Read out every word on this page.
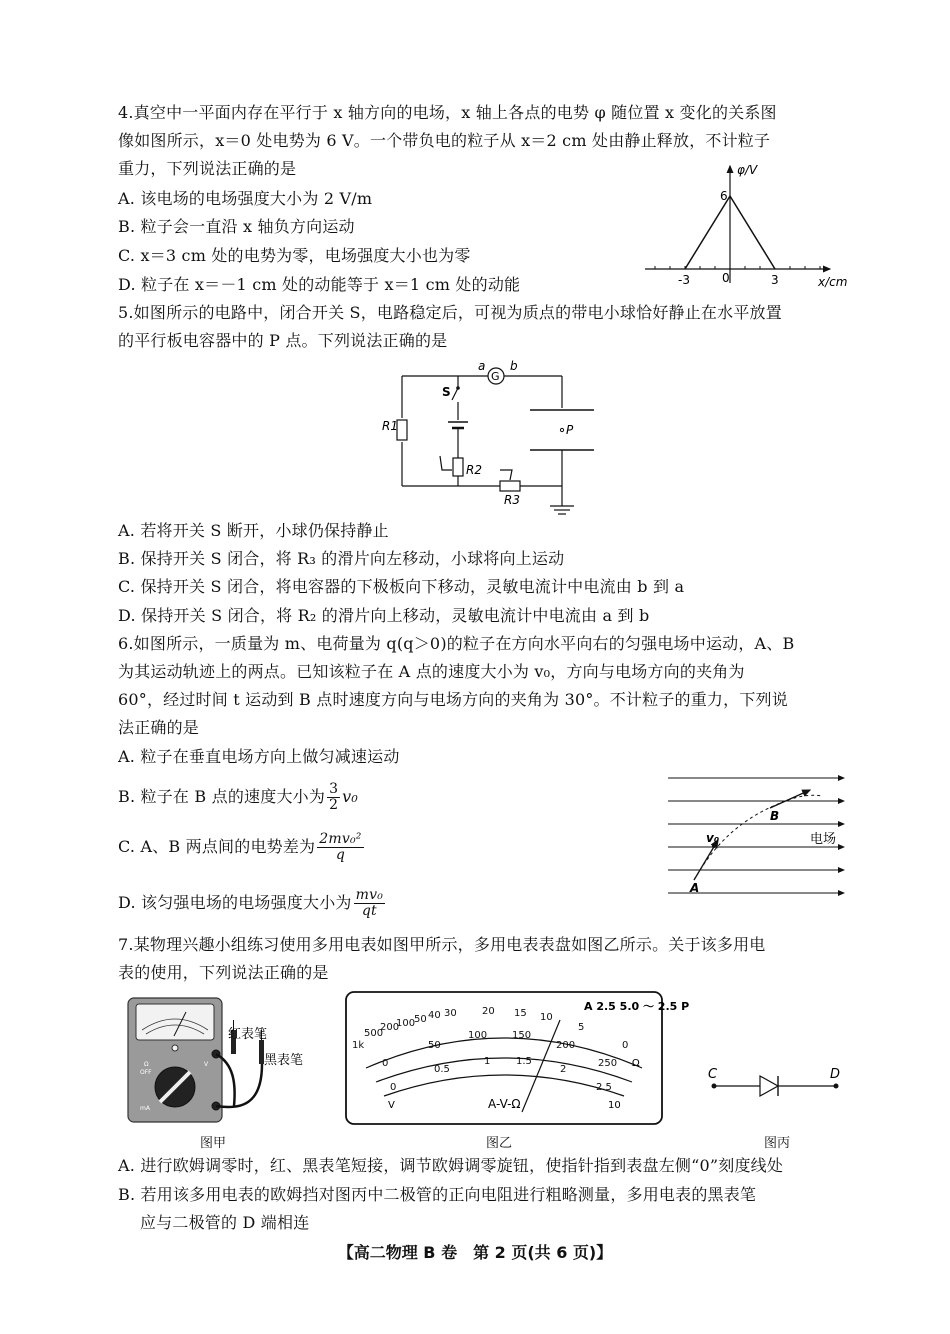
4.真空中一平面内存在平行于 x 轴方向的电场，x 轴上各点的电势 φ 随位置 x 变化的关系图
像如图所示，x＝0 处电势为 6 V。一个带负电的粒子从 x＝2 cm 处由静止释放，不计粒子
重力，下列说法正确的是
A. 该电场的电场强度大小为 2 V/m
B. 粒子会一直沿 x 轴负方向运动
C. x＝3 cm 处的电势为零，电场强度大小也为零
D. 粒子在 x＝－1 cm 处的动能等于 x＝1 cm 处的动能
φ/V
x/cm
6
0
-3	3
5.如图所示的电路中，闭合开关 S，电路稳定后，可视为质点的带电小球恰好静止在水平放置
的平行板电容器中的 P 点。下列说法正确的是
G
a b
S
R1
R2
R3
P
A. 若将开关 S 断开，小球仍保持静止
B. 保持开关 S 闭合，将 R₃ 的滑片向左移动，小球将向上运动
C. 保持开关 S 闭合，将电容器的下极板向下移动，灵敏电流计中电流由 b 到 a
D. 保持开关 S 闭合，将 R₂ 的滑片向上移动，灵敏电流计中电流由 a 到 b
6.如图所示，一质量为 m、电荷量为 q(q＞0)的粒子在方向水平向右的匀强电场中运动，A、B
为其运动轨迹上的两点。已知该粒子在 A 点的速度大小为 v₀，方向与电场方向的夹角为
60°，经过时间 t 运动到 B 点时速度方向与电场方向的夹角为 30°。不计粒子的重力，下列说
法正确的是
A. 粒子在垂直电场方向上做匀减速运动
B. 粒子在 B 点的速度大小为 $\frac{3}{2} v_0$
C. A、B 两点间的电势差为 $\frac{\text{2mv₀²}}{q}$
D. 该匀强电场的电场强度大小为 $\frac{\text{mv₀}}{qt}$	A
B
v₀	电场
7.某物理兴趣小组练习使用多用电表如图甲所示，多用电表表盘如图乙所示。关于该多用电
表的使用，下列说法正确的是
OFF
Ω	V
mA
红表笔
黑表笔
1k
500
200
100
50 40 30	20 15 10
5
0
0
50
100 150
200
250
0
0.5
1	1.5
2
2.5
A 2.5 5.0 ～ 2.5 P
A-V-Ω
Ω
V	10
C	D
图甲	图乙	图丙
A. 进行欧姆调零时，红、黑表笔短接，调节欧姆调零旋钮，使指针指到表盘左侧“0”刻度线处
B. 若用该多用电表的欧姆挡对图丙中二极管的正向电阻进行粗略测量，多用电表的黑表笔
应与二极管的 D 端相连
【高二物理 B 卷　第 2 页(共 6 页)】
